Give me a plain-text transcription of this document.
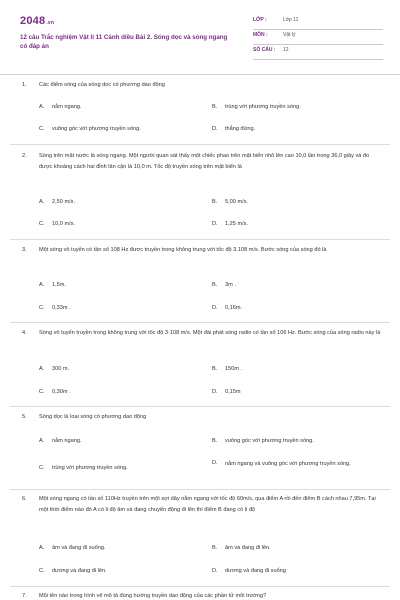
2048.vn
12 câu Trắc nghiệm Vật lí 11 Cánh diều Bài 2. Sóng dọc và sóng ngang có đáp án
LỚP :	Lớp 11
MÔN :	Vật lý
SỐ CÂU : 12
1.	Các điểm sóng của sóng dọc có phương dao động
A.	nằm ngang.	B.	trùng với phương truyền sóng.
C.	vuông góc với phương truyền sóng.	D.	thẳng đứng.
2.	Sóng trên mặt nước là sóng ngang. Một người quan sát thấy một chiếc phao trên mặt biển nhô lên cao 10,0 lần trong 36,0 giây và đo được khoảng cách hai đỉnh lân cận là 10,0 m. Tốc độ truyền sóng trên mặt biển là
A.	2,50 m/s.	B.	5,00 m/s.
C.	10,0 m/s.	D.	1,25 m/s.
3.	Một sóng vô tuyến có tần số 108 Hz được truyền trong không trung với tốc độ 3.108 m/s. Bước sóng của sóng đó là
A.	1,5m.	B.	3m .
C.	0,33m .	D.	0,16m.
4.	Sóng vô tuyến truyền trong không trung với tốc độ 3·108 m/s. Một đài phát sóng radio có tần số 106 Hz. Bước sóng của sóng radio này là
A.	300 m.	B.	150m .
C.	0,30m .	D.	0,15m
5.	Sóng dọc là loại sóng có phương dao động
A.	nằm ngang.	B.	vuông góc với phương truyền sóng.
C.	trùng với phương truyền sóng.
D.	nằm ngang và vuông góc với phương truyền sóng.
6.	Một sóng ngang có tần số 110Hz truyền trên một sợi dây nằm ngang với tốc độ 60m/s, qua điểm A rồi đến điểm B cách nhau 7,95m. Tại một thời điểm nào đó A có li độ âm và đang chuyển động đi lên thì điểm B đang có li độ
A.	âm và đang đi xuống.	B.	âm và đang đi lên.
C.	dương và đang đi lên.	D.	dương và đang đi xuống
7.	Mũi tên nào trong hình vẽ mô tả đúng hướng truyền dao động của các phần tử môi trường?
